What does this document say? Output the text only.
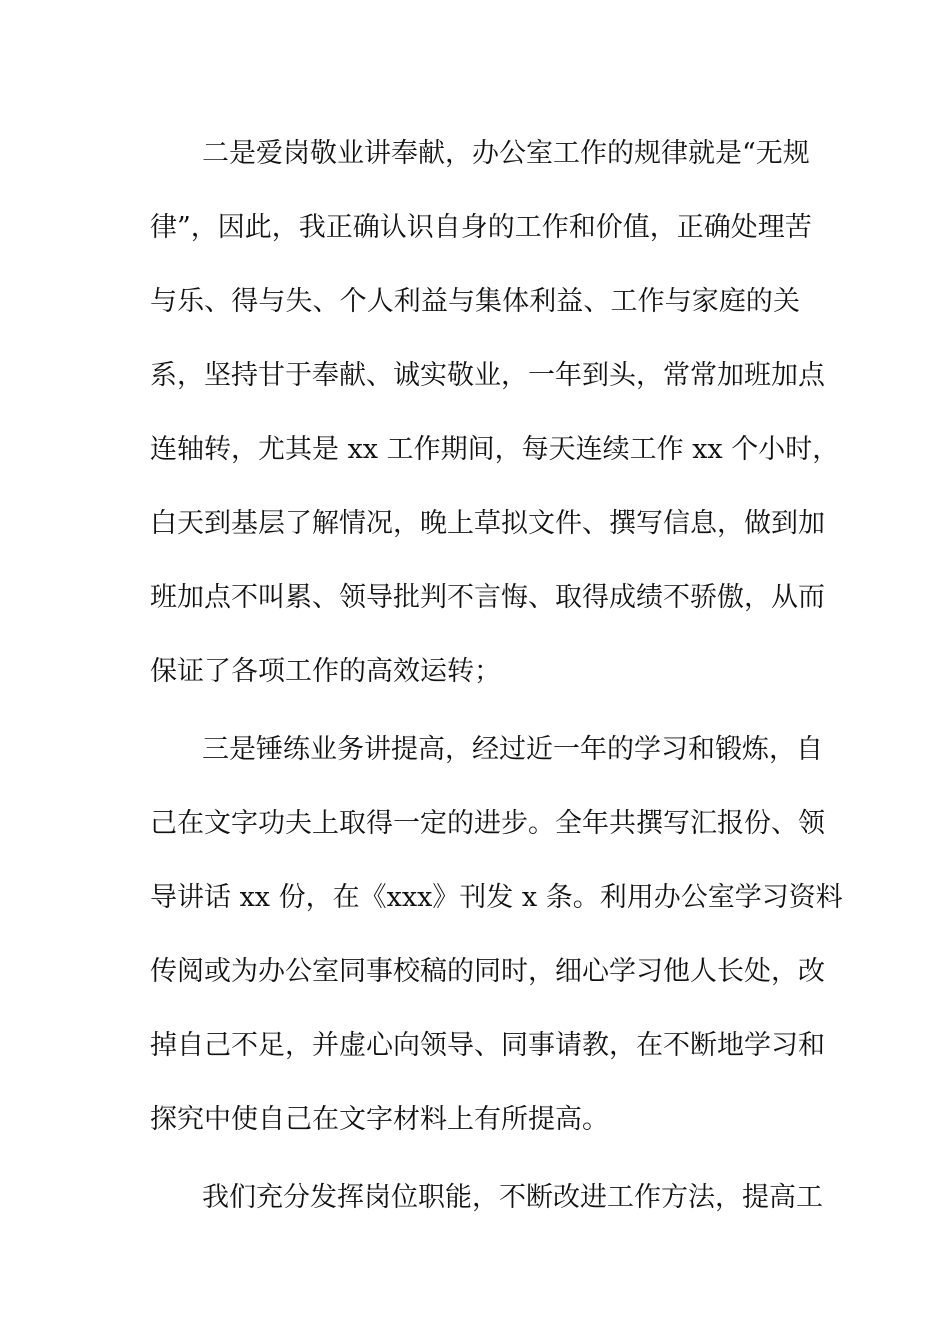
二是爱岗敬业讲奉献，办公室工作的规律就是“无规
律”，因此，我正确认识自身的工作和价值，正确处理苦
与乐、得与失、个人利益与集体利益、工作与家庭的关
系，坚持甘于奉献、诚实敬业，一年到头，常常加班加点
连轴转，尤其是 xx 工作期间，每天连续工作 xx 个小时，
白天到基层了解情况，晚上草拟文件、撰写信息，做到加
班加点不叫累、领导批判不言悔、取得成绩不骄傲，从而
保证了各项工作的高效运转；
三是锤练业务讲提高，经过近一年的学习和锻炼，自
己在文字功夫上取得一定的进步。全年共撰写汇报份、领
导讲话 xx 份，在《xxx》刊发 x 条。利用办公室学习资料
传阅或为办公室同事校稿的同时，细心学习他人长处，改
掉自己不足，并虚心向领导、同事请教，在不断地学习和
探究中使自己在文字材料上有所提高。
我们充分发挥岗位职能，不断改进工作方法，提高工
